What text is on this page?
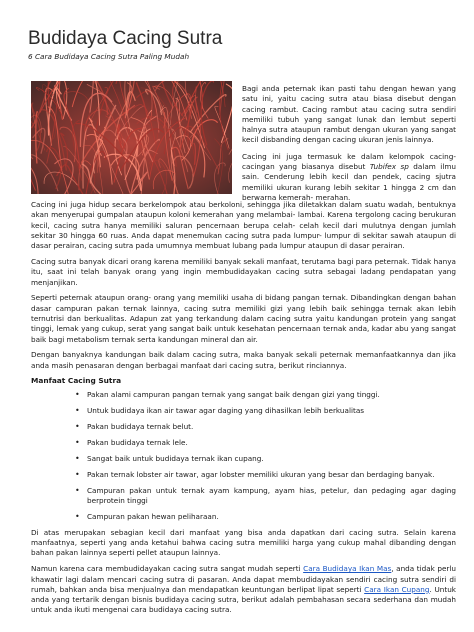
Budidaya Cacing Sutra
6 Cara Budidaya Cacing Sutra Paling Mudah

Bagi anda peternak ikan pasti tahu dengan hewan yang satu ini, yaitu cacing sutra atau biasa disebut dengan cacing rambut. Cacing rambut atau cacing sutra sendiri memiliki tubuh yang sangat lunak dan lembut seperti halnya sutra ataupun rambut dengan ukuran yang sangat kecil disbanding dengan cacing ukuran jenis lainnya.

Cacing ini juga termasuk ke dalam kelompok cacing-cacingan yang biasanya disebut Tubifex sp dalam ilmu sain. Cenderung lebih kecil dan pendek, cacing sjutra memiliki ukuran kurang lebih sekitar 1 hingga 2 cm dan berwarna kemerah- merahan.

Cacing ini juga hidup secara berkelompok atau berkoloni, sehingga jika diletakkan dalam suatu wadah, bentuknya akan menyerupai gumpalan ataupun koloni kemerahan yang melambai- lambai. Karena tergolong cacing berukuran kecil, cacing sutra hanya memiliki saluran pencernaan berupa celah- celah kecil dari mulutnya dengan jumlah sekitar 30 hingga 60 ruas. Anda dapat menemukan cacing sutra pada lumpur- lumpur di sekitar sawah ataupun di dasar perairan, cacing sutra pada umumnya membuat lubang pada lumpur ataupun di dasar perairan.

Cacing sutra banyak dicari orang karena memiliki banyak sekali manfaat, terutama bagi para peternak. Tidak hanya itu, saat ini telah banyak orang yang ingin membudidayakan cacing sutra sebagai ladang pendapatan yang menjanjikan.

Seperti peternak ataupun orang- orang yang memiliki usaha di bidang pangan ternak. Dibandingkan dengan bahan dasar campuran pakan ternak lainnya, cacing sutra memiliki gizi yang lebih baik sehingga ternak akan lebih ternutrisi dan berkualitas. Adapun zat yang terkandung dalam cacing sutra yaitu kandungan protein yang sangat tinggi, lemak yang cukup, serat yang sangat baik untuk kesehatan pencernaan ternak anda, kadar abu yang sangat baik bagi metabolism ternak serta kandungan mineral dan air.

Dengan banyaknya kandungan baik dalam cacing sutra, maka banyak sekali peternak memanfaatkannya dan jika anda masih penasaran dengan berbagai manfaat dari cacing sutra, berikut rinciannya.

Manfaat Cacing Sutra
• Pakan alami campuran pangan ternak yang sangat baik dengan gizi yang tinggi.
• Untuk budidaya ikan air tawar agar daging yang dihasilkan lebih berkualitas
• Pakan budidaya ternak belut.
• Pakan budidaya ternak lele.
• Sangat baik untuk budidaya ternak ikan cupang.
• Pakan ternak lobster air tawar, agar lobster memiliki ukuran yang besar dan berdaging banyak.
• Campuran pakan untuk ternak ayam kampung, ayam hias, petelur, dan pedaging agar daging berprotein tinggi
• Campuran pakan hewan peliharaan.

Di atas merupakan sebagian kecil dari manfaat yang bisa anda dapatkan dari cacing sutra. Selain karena manfaatnya, seperti yang anda ketahui bahwa cacing sutra memiliki harga yang cukup mahal dibanding dengan bahan pakan lainnya seperti pellet ataupun lainnya.

Namun karena cara membudidayakan cacing sutra sangat mudah seperti Cara Budidaya Ikan Mas, anda tidak perlu khawatir lagi dalam mencari cacing sutra di pasaran. Anda dapat membudidayakan sendiri cacing sutra sendiri di rumah, bahkan anda bisa menjualnya dan mendapatkan keuntungan berlipat lipat seperti Cara Ikan Cupang. Untuk anda yang tertarik dengan bisnis budidaya cacing sutra, berikut adalah pembahasan secara sederhana dan mudah untuk anda ikuti mengenai cara budidaya cacing sutra.
